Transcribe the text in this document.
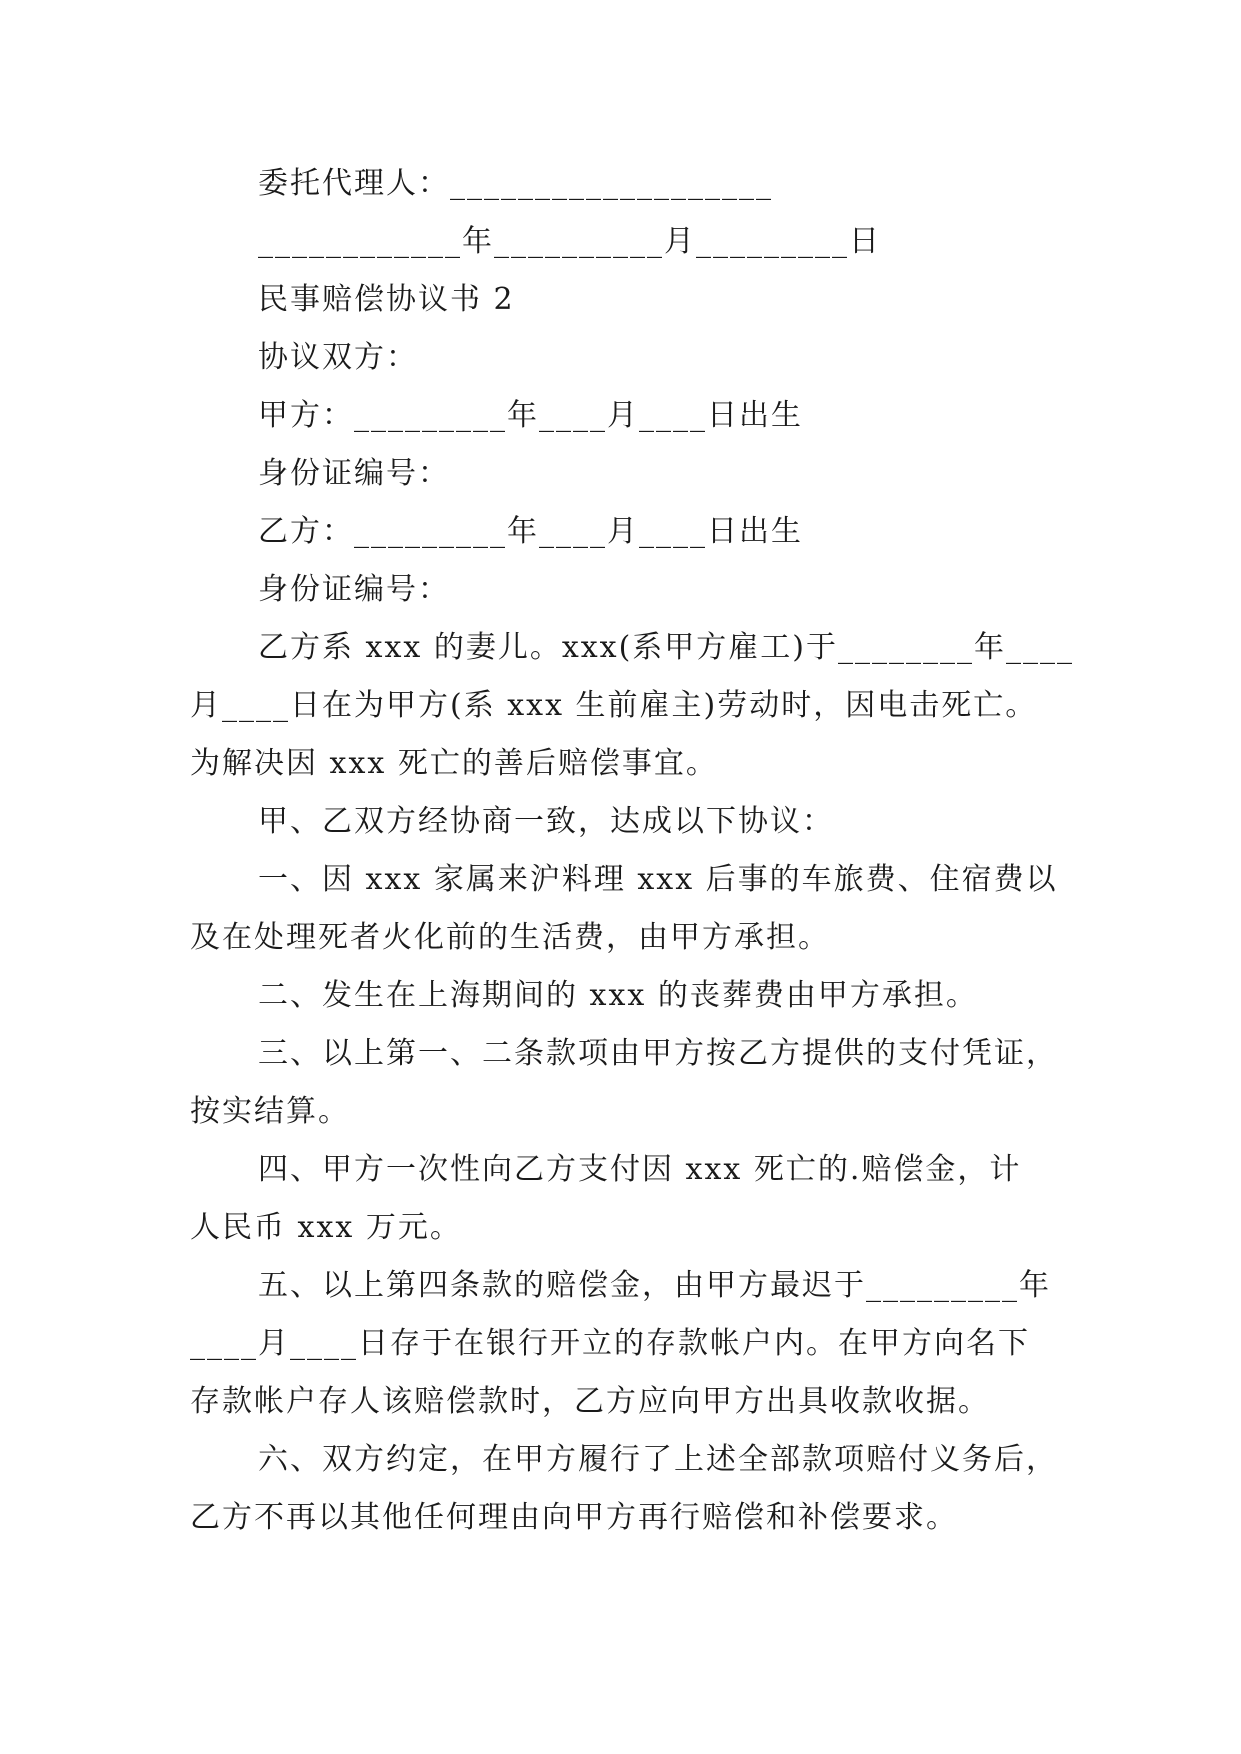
委托代理人：___________________
____________年__________月_________日
民事赔偿协议书 2
协议双方：
甲方：_________年____月____日出生
身份证编号：
乙方：_________年____月____日出生
身份证编号：
乙方系 xxx 的妻儿。xxx(系甲方雇工)于________年____
月____日在为甲方(系 xxx 生前雇主)劳动时，因电击死亡。
为解决因 xxx 死亡的善后赔偿事宜。
甲、乙双方经协商一致，达成以下协议：
一、因 xxx 家属来沪料理 xxx 后事的车旅费、住宿费以
及在处理死者火化前的生活费，由甲方承担。
二、发生在上海期间的 xxx 的丧葬费由甲方承担。
三、以上第一、二条款项由甲方按乙方提供的支付凭证，
按实结算。
四、甲方一次性向乙方支付因 xxx 死亡的.赔偿金，计
人民币 xxx 万元。
五、以上第四条款的赔偿金，由甲方最迟于_________年
____月____日存于在银行开立的存款帐户内。在甲方向名下
存款帐户存人该赔偿款时，乙方应向甲方出具收款收据。
六、双方约定，在甲方履行了上述全部款项赔付义务后，
乙方不再以其他任何理由向甲方再行赔偿和补偿要求。
